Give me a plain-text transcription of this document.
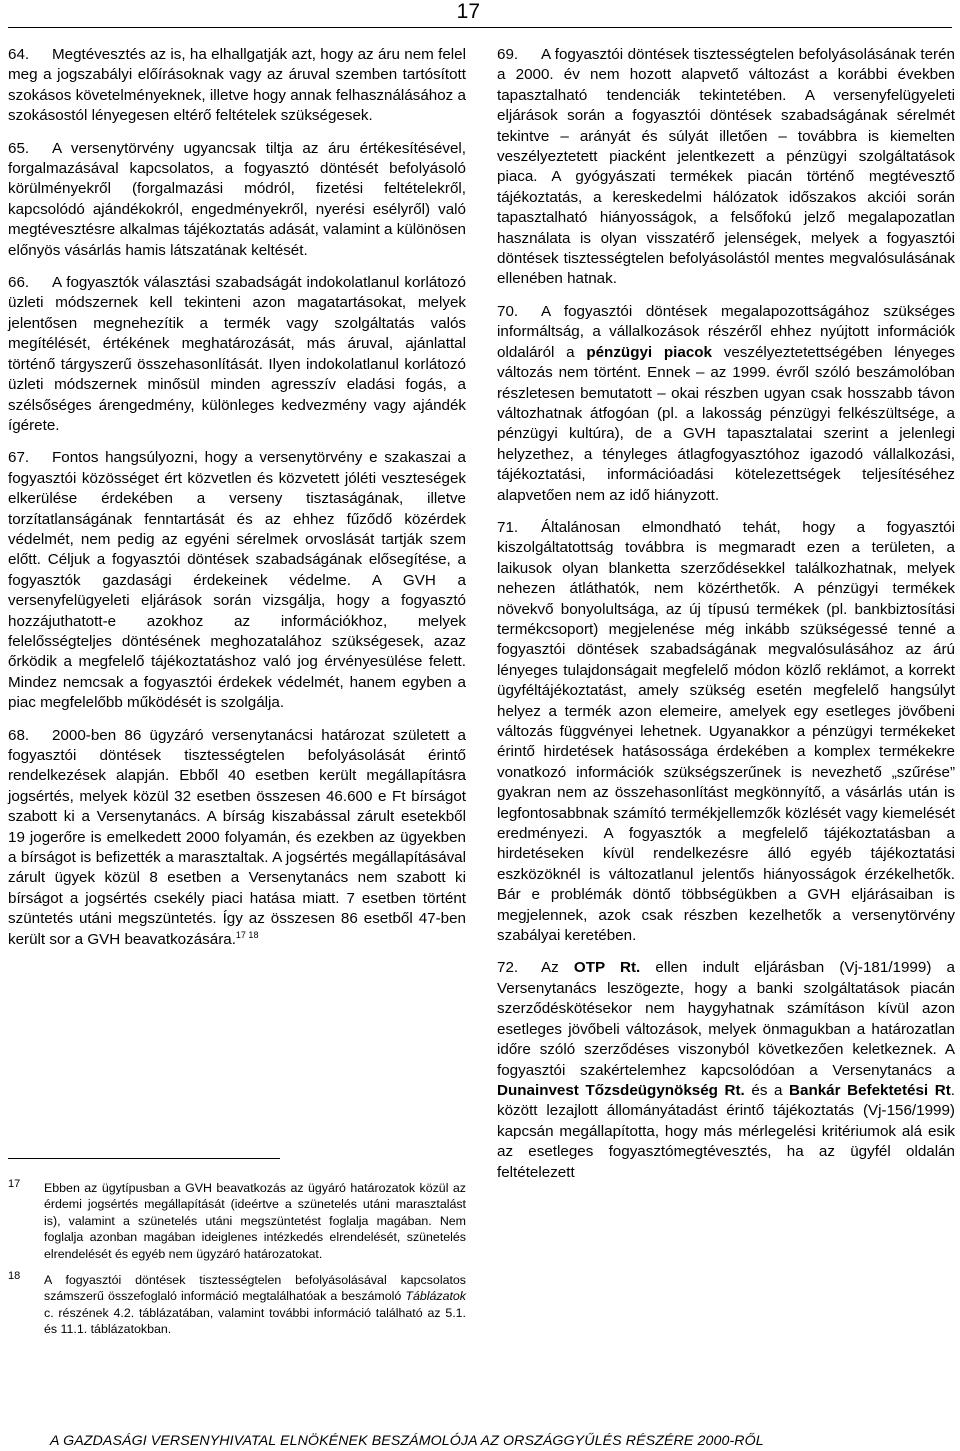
17

64. Megtévesztés az is, ha elhallgatják azt, hogy az áru nem felel meg a jogszabályi előírásoknak vagy az áruval szemben tartósított szokásos követelményeknek, illetve hogy annak felhasználásához a szokásostól lényegesen eltérő feltételek szükségesek.

65. A versenytörvény ugyancsak tiltja az áru értékesítésével, forgalmazásával kapcsolatos, a fogyasztó döntését befolyásoló körülményekről (forgalmazási módról, fizetési feltételekről, kapcsolódó ajándékokról, engedményekről, nyerési esélyről) való megtévesztésre alkalmas tájékoztatás adását, valamint a különösen előnyös vásárlás hamis látszatának keltését.

66. A fogyasztók választási szabadságát indokolatlanul korlátozó üzleti módszernek kell tekinteni azon magatartásokat, melyek jelentősen megnehezítik a termék vagy szolgáltatás valós megítélését, értékének meghatározását, más áruval, ajánlattal történő tárgyszerű összehasonlítását. Ilyen indokolatlanul korlátozó üzleti módszernek minősül minden agresszív eladási fogás, a szélsőséges árengedmény, különleges kedvezmény vagy ajándék ígérete.

67. Fontos hangsúlyozni, hogy a versenytörvény e szakaszai a fogyasztói közösséget ért közvetlen és közvetett jóléti veszteségek elkerülése érdekében a verseny tisztaságának, illetve torzítatlanságának fenntartását és az ehhez fűződő közérdek védelmét, nem pedig az egyéni sérelmek orvoslását tartják szem előtt. Céljuk a fogyasztói döntések szabadságának elősegítése, a fogyasztók gazdasági érdekeinek védelme. A GVH a versenyfelügyeleti eljárások során vizsgálja, hogy a fogyasztó hozzájuthatott-e azokhoz az információkhoz, melyek felelősségteljes döntésének meghozatalához szükségesek, azaz őrködik a megfelelő tájékoztatáshoz való jog érvényesülése felett. Mindez nemcsak a fogyasztói érdekek védelmét, hanem egyben a piac megfelelőbb működését is szolgálja.

68. 2000-ben 86 ügyzáró versenytanácsi határozat született a fogyasztói döntések tisztességtelen befolyásolását érintő rendelkezések alapján. Ebből 40 esetben került megállapításra jogsértés, melyek közül 32 esetben összesen 46.600 e Ft bírságot szabott ki a Versenytanács. A bírság kiszabással zárult esetekből 19 jogerőre is emelkedett 2000 folyamán, és ezekben az ügyekben a bírságot is befizették a marasztaltak. A jogsértés megállapításával zárult ügyek közül 8 esetben a Versenytanács nem szabott ki bírságot a jogsértés csekély piaci hatása miatt. 7 esetben történt szüntetés utáni megszüntetés. Így az összesen 86 esetből 47-ben került sor a GVH beavatkozására.$^{17 18}$

17 Ebben az ügytípusban a GVH beavatkozás az ügyáró határozatok közül az érdemi jogsértés megállapítását (ideértve a szünetelés utáni marasztalást is), valamint a szünetelés utáni megszüntetést foglalja magában. Nem foglalja azonban magában ideiglenes intézkedés elrendelését, szünetelés elrendelését és egyéb nem ügyzáró határozatokat.
18 A fogyasztói döntések tisztességtelen befolyásolásával kapcsolatos számszerű összefoglaló információ megtalálhatóak a beszámoló Táblázatok c. részének 4.2. táblázatában, valamint további információ található az 5.1. és 11.1. táblázatokban.

69. A fogyasztói döntések tisztességtelen befolyásolásának terén a 2000. év nem hozott alapvető változást a korábbi években tapasztalható tendenciák tekintetében. A versenyfelügyeleti eljárások során a fogyasztói döntések szabadságának sérelmét tekintve – arányát és súlyát illetően – továbbra is kiemelten veszélyeztetett piacként jelentkezett a pénzügyi szolgáltatások piaca. A gyógyászati termékek piacán történő megtévesztő tájékoztatás, a kereskedelmi hálózatok időszakos akciói során tapasztalható hiányosságok, a felsőfokú jelző megalapozatlan használata is olyan visszatérő jelenségek, melyek a fogyasztói döntések tisztességtelen befolyásolástól mentes megvalósulásának ellenében hatnak.

70. A fogyasztói döntések megalapozottságához szükséges informáltság, a vállalkozások részéről ehhez nyújtott információk oldaláról a pénzügyi piacok veszélyeztetettségében lényeges változás nem történt. Ennek – az 1999. évről szóló beszámolóban részletesen bemutatott – okai részben ugyan csak hosszabb távon változhatnak átfogóan (pl. a lakosság pénzügyi felkészültsége, a pénzügyi kultúra), de a GVH tapasztalatai szerint a jelenlegi helyzethez, a tényleges átlagfogyasztóhoz igazodó vállalkozási, tájékoztatási, információadási kötelezettségek teljesítéséhez alapvetően nem az idő hiányzott.

71. Általánosan elmondható tehát, hogy a fogyasztói kiszolgáltatottság továbbra is megmaradt ezen a területen, a laikusok olyan blanketta szerződésekkel találkozhatnak, melyek nehezen átláthatók, nem közérthetők. A pénzügyi termékek növekvő bonyolultsága, az új típusú termékek (pl. bankbiztosítási termékcsoport) megjelenése még inkább szükségessé tenné a fogyasztói döntések szabadságának megvalósulásához az árú lényeges tulajdonságait megfelelő módon közlő reklámot, a korrekt ügyféltájékoztatást, amely szükség esetén megfelelő hangsúlyt helyez a termék azon elemeire, amelyek egy esetleges jövőbeni változás függvényei lehetnek. Ugyanakkor a pénzügyi termékeket érintő hirdetések hatásossága érdekében a komplex termékekre vonatkozó információk szükségszerűnek is nevezhető „szűrése” gyakran nem az összehasonlítást megkönnyítő, a vásárlás után is legfontosabbnak számító termékjellemzők közlését vagy kiemelését eredményezi. A fogyasztók a megfelelő tájékoztatásban a hirdetéseken kívül rendelkezésre álló egyéb tájékoztatási eszközöknél is változatlanul jelentős hiányosságok érzékelhetők. Bár e problémák döntő többségükben a GVH eljárásaiban is megjelennek, azok csak részben kezelhetők a versenytörvény szabályai keretében.

72. Az OTP Rt. ellen indult eljárásban (Vj-181/1999) a Versenytanács leszögezte, hogy a banki szolgáltatások piacán szerződéskötésekor nem haygyhatnak számításon kívül azon esetleges jövőbeli változások, melyek önmagukban a határozatlan időre szóló szerződéses viszonyból következően keletkeznek. A fogyasztói szakértelemhez kapcsolódóan a Versenytanács a Dunainvest Tőzsdeügynökség Rt. és a Bankár Befektetési Rt. között lezajlott állományátadást érintő tájékoztatás (Vj-156/1999) kapcsán megállapította, hogy más mérlegelési kritériumok alá esik az esetleges fogyasztómegtévesztés, ha az ügyfél oldalán feltételezett

A GAZDASÁGI VERSENYHIVATAL ELNÖKÉNEK BESZÁMOLÓJA AZ ORSZÁGGYŰLÉS RÉSZÉRE 2000-RŐL
